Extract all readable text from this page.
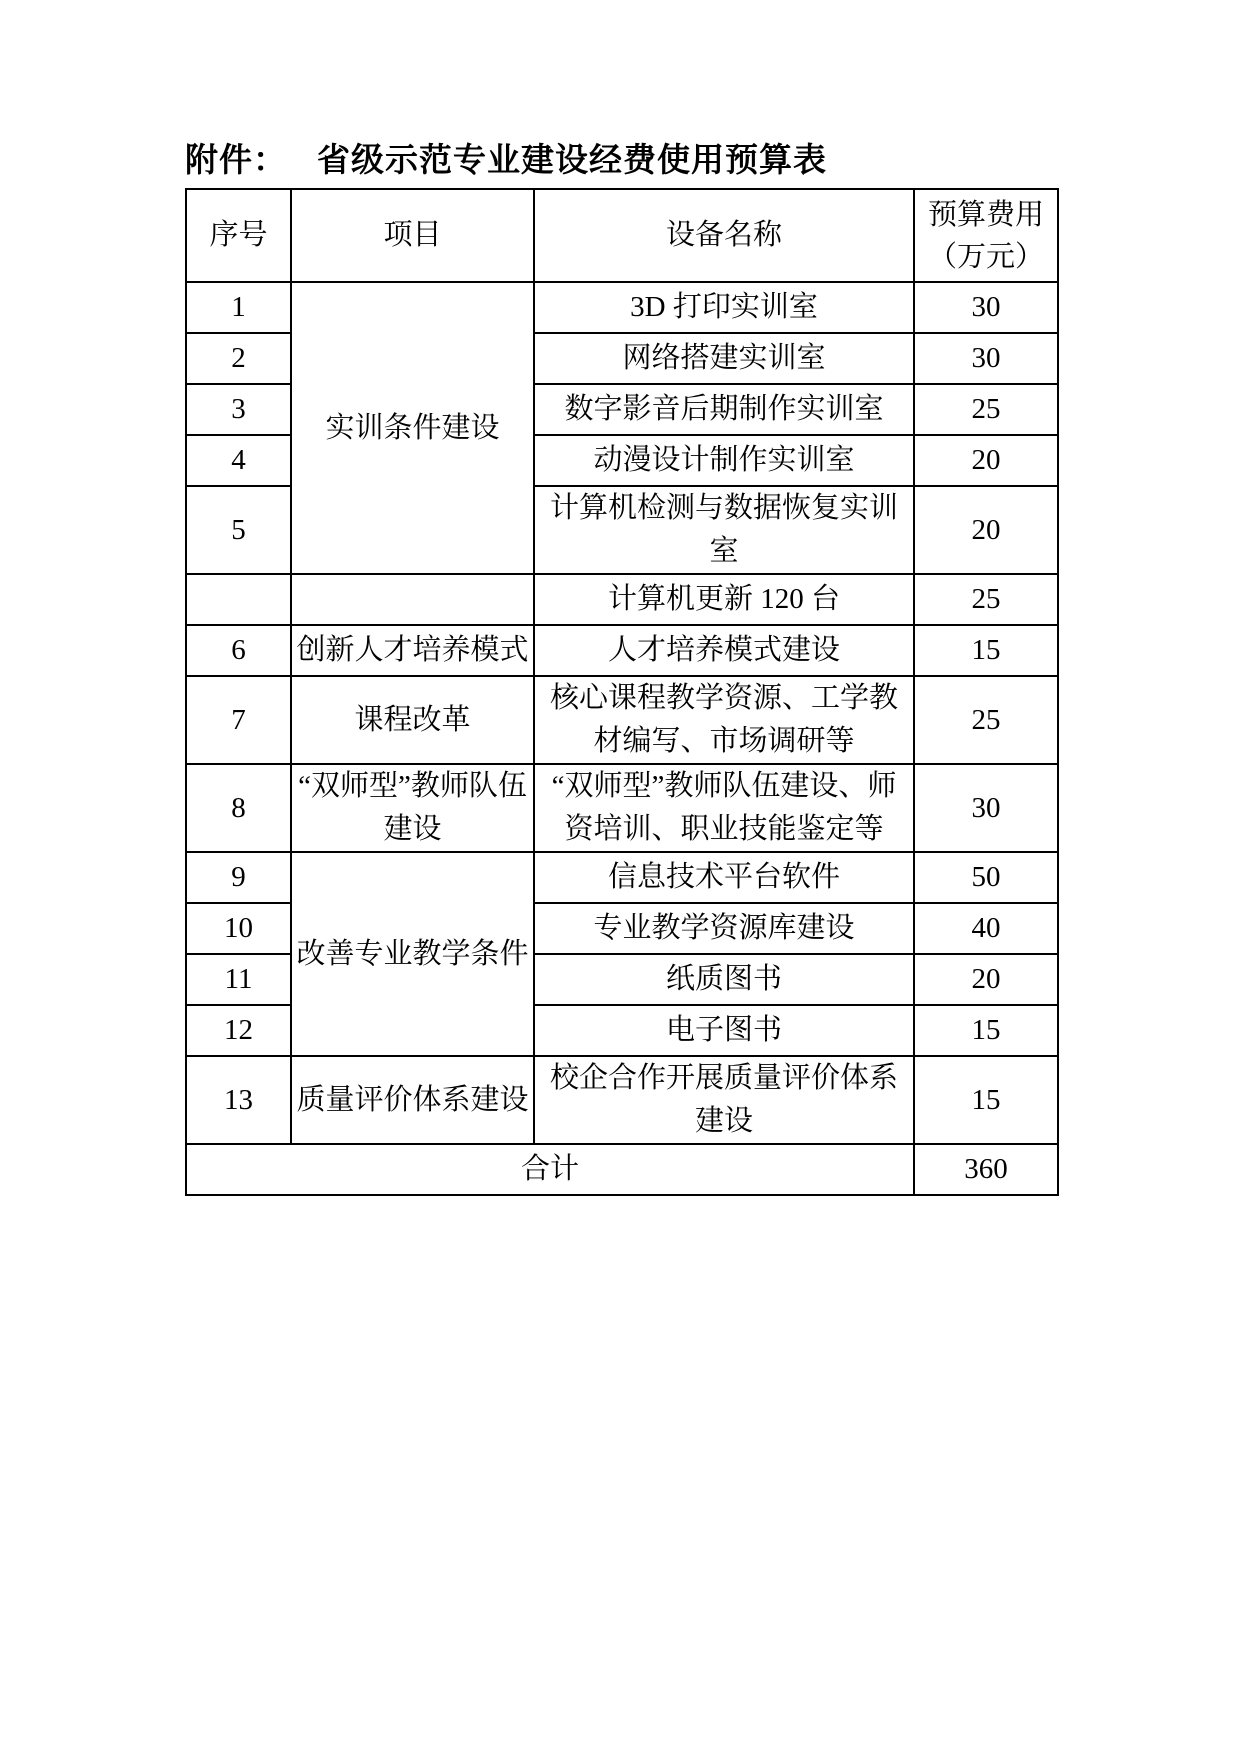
附件： 省级示范专业建设经费使用预算表
序号	项目	设备名称	预算费用
（万元）

1	实训条件建设	3D 打印实训室	30
2		网络搭建实训室	30
3		数字影音后期制作实训室	25
4		动漫设计制作实训室	20
5		计算机检测与数据恢复实训室	20
		计算机更新 120 台	25
6	创新人才培养模式	人才培养模式建设	15
7	课程改革	核心课程教学资源、工学教材编写、市场调研等	25
8	“双师型”教师队伍建设	“双师型”教师队伍建设、师资培训、职业技能鉴定等	30
9	改善专业教学条件	信息技术平台软件	50
10		专业教学资源库建设	40
11		纸质图书	20
12		电子图书	15
13	质量评价体系建设	校企合作开展质量评价体系建设	15
合计			360
